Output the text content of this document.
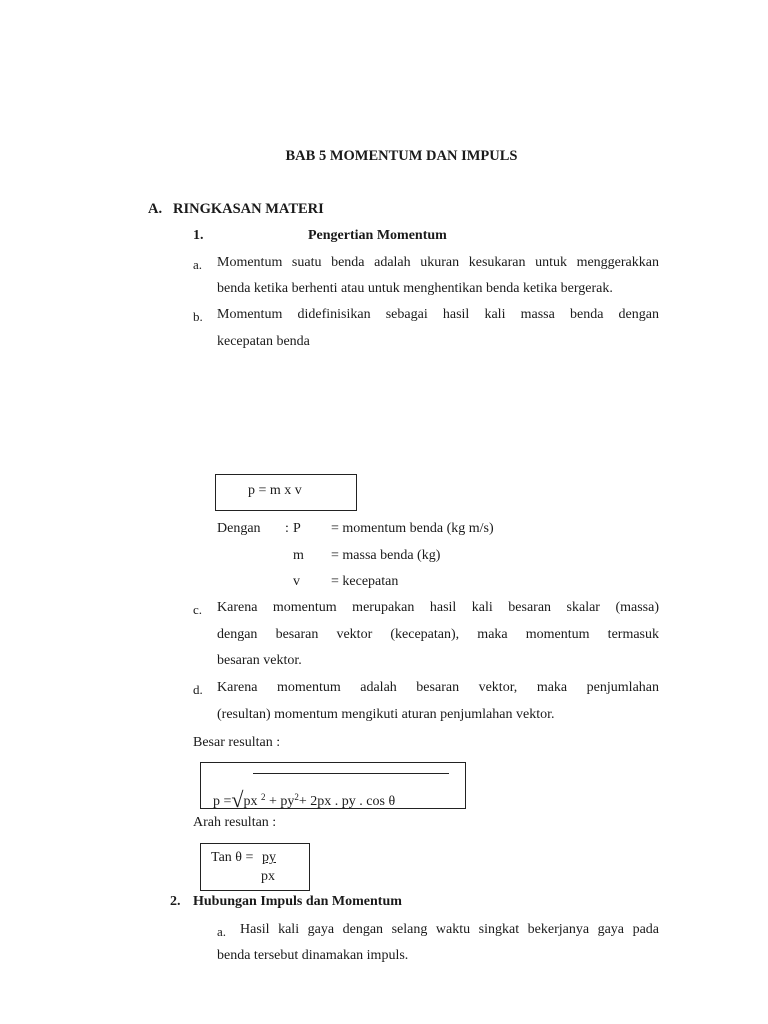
BAB 5 MOMENTUM DAN IMPULS
A. RINGKASAN MATERI
1.	Pengertian Momentum
a. Momentum suatu benda adalah ukuran kesukaran untuk menggerakkan
benda ketika berhenti atau untuk menghentikan benda ketika bergerak.
b. Momentum didefinisikan sebagai hasil kali massa benda dengan
kecepatan benda
p = m x v
Dengan : P = momentum benda (kg m/s)
m = massa benda (kg)
v = kecepatan
c. Karena momentum merupakan hasil kali besaran skalar (massa)
dengan besaran vektor (kecepatan), maka momentum termasuk
besaran vektor.
d. Karena momentum adalah besaran vektor, maka penjumlahan
(resultan) momentum mengikuti aturan penjumlahan vektor.
Besar resultan :
p =√px $^2 + py^2+ 2px$ . py . cos θ
Arah resultan :
Tan θ = py
px
2. Hubungan Impuls dan Momentum
a. Hasil kali gaya dengan selang waktu singkat bekerjanya gaya pada
benda tersebut dinamakan impuls.
